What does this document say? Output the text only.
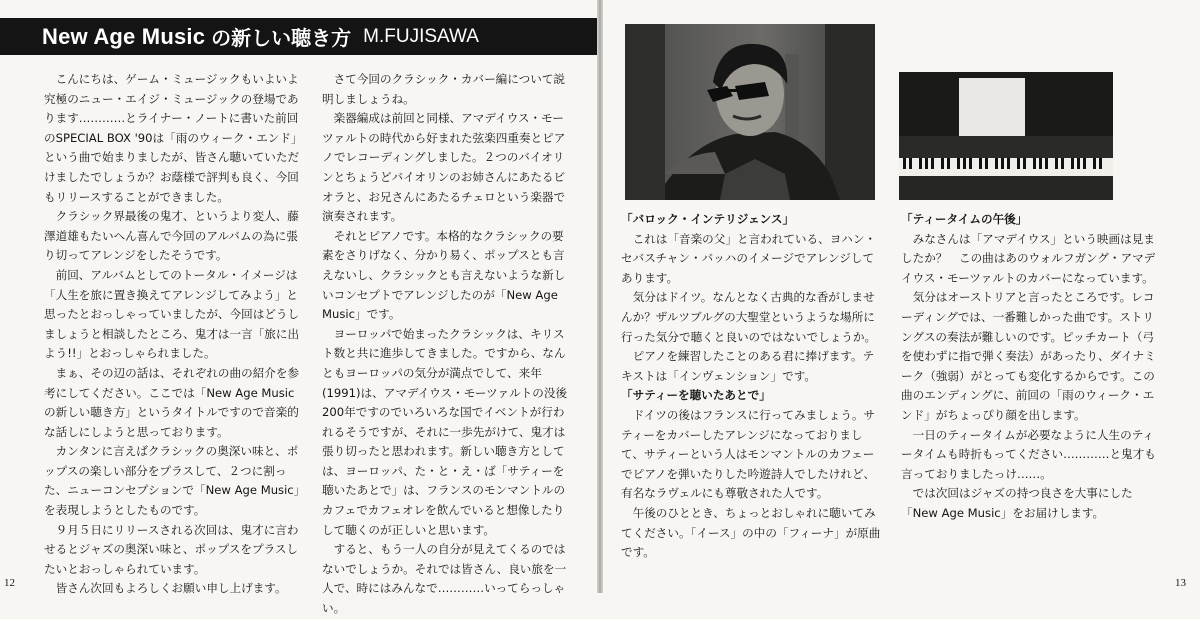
New Age Music の新しい聴き方 M.FUJISAWA

こんにちは、ゲーム・ミュージックもいよいよ究極のニュー・エイジ・ミュージックの登場であります…………とライナー・ノートに書いた前回のSPECIAL BOX '90は「雨のウィーク・エンド」という曲で始まりましたが、皆さん聴いていただけましたでしょうか？お蔭様で評判も良く、今回もリリースすることができました。

クラシック界最後の鬼才、というより変人、藤澤道雄もたいへん喜んで今回のアルバムの為に張り切ってアレンジをしたそうです。

前回、アルバムとしてのトータル・イメージは「人生を旅に置き換えてアレンジしてみよう」と思ったとおっしゃっていましたが、今回はどうしましょうと相談したところ、鬼才は一言「旅に出よう!!」とおっしゃられました。

まぁ、その辺の話は、それぞれの曲の紹介を参考にしてください。ここでは「New Age Musicの新しい聴き方」というタイトルですので音楽的な話しにしようと思っております。

カンタンに言えばクラシックの奥深い味と、ポップスの楽しい部分をプラスして、２つに割った、ニューコンセプションで「New Age Music」を表現しようとしたものです。

９月５日にリリースされる次回は、鬼才に言わせるとジャズの奥深い味と、ポップスをプラスしたいとおっしゃられています。

皆さん次回もよろしくお願い申し上げます。

さて今回のクラシック・カバー編について説明しましょうね。

楽器編成は前回と同様、アマデイウス・モーツァルトの時代から好まれた弦楽四重奏とピアノでレコーディングしました。２つのバイオリンとちょうどバイオリンのお姉さんにあたるビオラと、お兄さんにあたるチェロという楽器で演奏されます。

それとピアノです。本格的なクラシックの要素をさりげなく、分かり易く、ポップスとも言えないし、クラシックとも言えないような新しいコンセプトでアレンジしたのが「New Age Music」です。

ヨーロッパで始まったクラシックは、キリスト数と共に進歩してきました。ですから、なんともヨーロッパの気分が満点でして、来年(1991)は、アマデイウス・モーツァルトの没後200年ですのでいろいろな国でイベントが行われるそうですが、それに一歩先がけて、鬼才は張り切ったと思われます。新しい聴き方としては、ヨーロッパ、た・と・え・ば「サティーを聴いたあとで」は、フランスのモンマントルのカフェでカフェオレを飲んでいると想像したりして聴くのが正しいと思います。

すると、もう一人の自分が見えてくるのではないでしょうか。それでは皆さん、良い旅を一人で、時にはみんなで…………いってらっしゃい。

12
「バロック・インテリジェンス」

これは「音楽の父」と言われている、ヨハン・セバスチャン・バッハのイメージでアレンジしてあります。

気分はドイツ。なんとなく古典的な香がしませんか？ザルツブルグの大聖堂というような場所に行った気分で聴くと良いのではないでしょうか。

ピアノを練習したことのある君に捧げます。テキストは「インヴェンション」です。

「サティーを聴いたあとで」

ドイツの後はフランスに行ってみましょう。サティーをカバーしたアレンジになっておりまして、サティーという人はモンマントルのカフェーでピアノを弾いたりした吟遊詩人でしたけれど、有名なラヴェルにも尊敬された人です。

午後のひととき、ちょっとおしゃれに聴いてみてください。「イース」の中の「フィーナ」が原曲です。

「ティータイムの午後」

みなさんは「アマデイウス」という映画は見ましたか？　この曲はあのウォルフガング・アマデイウス・モーツァルトのカバーになっています。

気分はオーストリアと言ったところです。レコーディングでは、一番難しかった曲です。ストリングスの奏法が難しいのです。ピッチカート（弓を使わずに指で弾く奏法）があったり、ダイナミーク（強弱）がとっても変化するからです。この曲のエンディングに、前回の「雨のウィーク・エンド」がちょっぴり顔を出します。

一日のティータイムが必要なように人生のティータイムも時折もってください…………と鬼才も言っておりましたっけ……。

では次回はジャズの持つ良さを大事にした「New Age Music」をお届けします。

13
